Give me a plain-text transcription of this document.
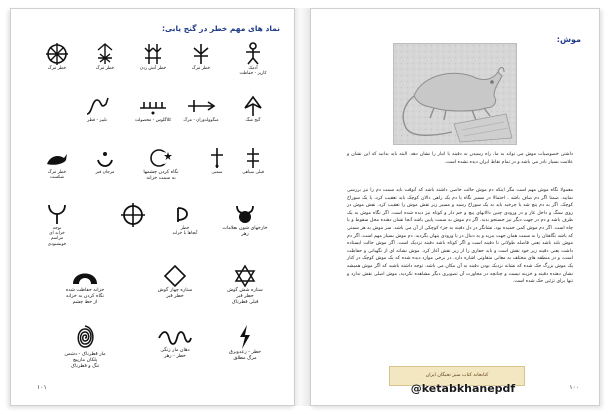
نماد های مهم خطر در گنج یابی:
آدمک
کاریز - حفاظت
خطر مرگ
خطر آتش زدن
خطر مرگ
خطر مرگ
گنج منگ
منگوولدوران - مرگ
کلاگلوس - محصولت
تلبیز - قطر
قبلی سیاهی
سمبی
نگاه کردن چشمها
به سمت خزانه
مرجان قبر
خطر مرگ
شکست
خارجهای شون بعلامات
زهر
خطر
آنجاها با خزانه
توجه
خزانه ای
مراسم
خوبشنودی
ستاره شش گوش
خطر قبر
قبلی قطرناک
ستاره چهار گوش
خطر قبر
خزانه حفاظت شده
نگاه کردن به خزانه
از خط چشم
خطر - زعدوبرق
مرگ مطلق
دهان مار زنگی
خطر - زهر
مار قطرناک - دشمن
پلکان مارپیچ
تنگ و قطرناک
۱۰۱
موش:

داشتن خصوصیات موش می تواند به ما، راه رسیدن به دفینه یا انبار را نشان دهد. البته باید بدانید که این نشان و علامت بسیار نادر می باشد و در تمام نقاط ایران دیده نشده است.

معمولا نگاه موش مهم است مگر اینکه دم موش حالت خاصی داشته باشد که آنوقت باید سمت دم را نیز بررسی نمایید. ضمنا اگر دم صاف باشد ، احتمالا در مسیر نگاه یا دم یک راهی دالان کوچک باید تعقیب کرد، یا یک سوراخ کوچک. اگر به دم پنچ شد یا چرخید باید به یک سوراخ رسید و مسیر زیر نقش موش را تعقیب کرد. نقش موش در روی سنگ و داخل غار و در ورودی چنین دالانهای پیچ و خم دار و کوتاه نیز دیده شده است. اگر نگاه موش به یک طرف باشد و دم در جهت دیگر نیز جستجو بدید. اگر دم موش به سمت پایین باشد آنجا نشان دهنده محل سقوط و یا چاه است. اگر دم موش کمی خمیده بود، نشانگر در دل دفینه به جزء کوچکی از آن می باشد. سر موش به هر سمتی که باشد نگاهتان را به سمت همان جهت ببرید و به دنبال در یا ورودی پنهان بگردید. دم موش بسیار مهم است، اگر دم موش بلند باشد یعنی فاصله طولانی تا دفینه است و اگر کوتاه باشد دفینه نزدیک است. اگر موش حالت ایستاده داشت یعنی دفینه زیر خود نقش است و باید حفاری را از زیر نقش آغاز کرد. موش نشانه ای از نگهبانی و حفاظت است، و در منطقه های مختلف به معانی متفاوتی اشاره دارد. در برخی موارد دیده شده که یک موش کوچک در کنار یک موش بزرگ حک شده که نشانه نزدیک بودن دفینه به آن مکان می باشد. توجه داشته باشید که اگر موش همیشه نشان دهنده دفینه و خزینه نیست و چنانچه در مجاورت آن تصویری دیگر مشاهده نکردید، موش اصلی نقش ندارد و تنها برای تزئین حک شده است.

کتابخانه کتاب سبز نخبگان ایران
@ketabkhanepdf	۱۰۰
